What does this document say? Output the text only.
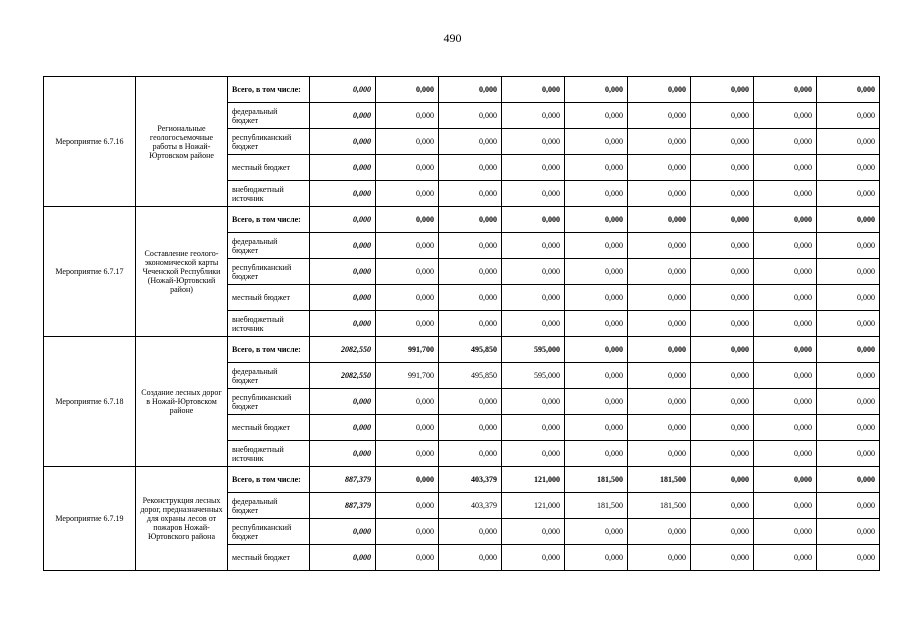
490
Мероприятие 6.7.16	Региональные геологосъемочные работы в Ножай-Юртовском районе	Всего, в том числе:	0,000	0,000	0,000	0,000	0,000	0,000	0,000	0,000	0,000
		федеральный бюджет	0,000	0,000	0,000	0,000	0,000	0,000	0,000	0,000	0,000
		республиканский бюджет	0,000	0,000	0,000	0,000	0,000	0,000	0,000	0,000	0,000
		местный бюджет	0,000	0,000	0,000	0,000	0,000	0,000	0,000	0,000	0,000
		внебюджетный источник	0,000	0,000	0,000	0,000	0,000	0,000	0,000	0,000	0,000
Мероприятие 6.7.17	Составление геолого-экономической карты Чеченской Республики (Ножай-Юртовский район)	Всего, в том числе:	0,000	0,000	0,000	0,000	0,000	0,000	0,000	0,000	0,000
		федеральный бюджет	0,000	0,000	0,000	0,000	0,000	0,000	0,000	0,000	0,000
		республиканский бюджет	0,000	0,000	0,000	0,000	0,000	0,000	0,000	0,000	0,000
		местный бюджет	0,000	0,000	0,000	0,000	0,000	0,000	0,000	0,000	0,000
		внебюджетный источник	0,000	0,000	0,000	0,000	0,000	0,000	0,000	0,000	0,000
Мероприятие 6.7.18	Создание лесных дорог в Ножай-Юртовском районе	Всего, в том числе:	2082,550	991,700	495,850	595,000	0,000	0,000	0,000	0,000	0,000
		федеральный бюджет	2082,550	991,700	495,850	595,000	0,000	0,000	0,000	0,000	0,000
		республиканский бюджет	0,000	0,000	0,000	0,000	0,000	0,000	0,000	0,000	0,000
		местный бюджет	0,000	0,000	0,000	0,000	0,000	0,000	0,000	0,000	0,000
		внебюджетный источник	0,000	0,000	0,000	0,000	0,000	0,000	0,000	0,000	0,000
Мероприятие 6.7.19	Реконструкция лесных дорог, предназначенных для охраны лесов от пожаров Ножай-Юртовского района	Всего, в том числе:	887,379	0,000	403,379	121,000	181,500	181,500	0,000	0,000	0,000
		федеральный бюджет	887,379	0,000	403,379	121,000	181,500	181,500	0,000	0,000	0,000
		республиканский бюджет	0,000	0,000	0,000	0,000	0,000	0,000	0,000	0,000	0,000
		местный бюджет	0,000	0,000	0,000	0,000	0,000	0,000	0,000	0,000	0,000
